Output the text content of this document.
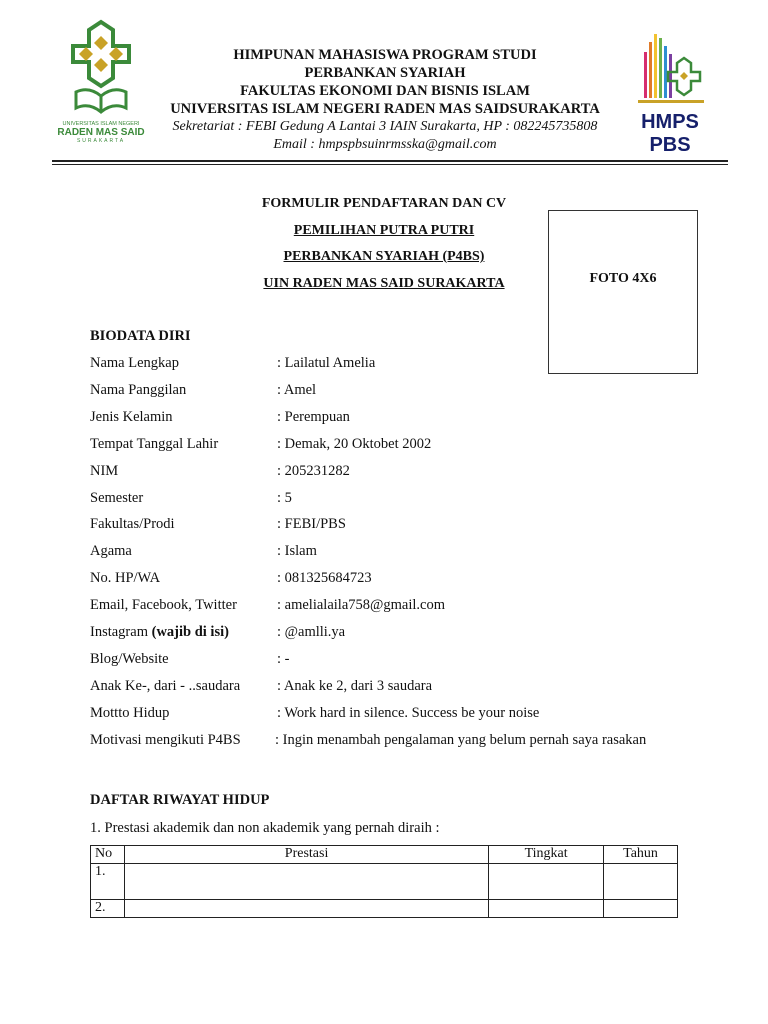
UNIVERSITAS ISLAM NEGERI
RADEN MAS SAID
SURAKARTA
HIMPUNAN MAHASISWA PROGRAM STUDI
PERBANKAN SYARIAH
FAKULTAS EKONOMI DAN BISNIS ISLAM
UNIVERSITAS ISLAM NEGERI RADEN MAS SAIDSURAKARTA
Sekretariat : FEBI Gedung A Lantai 3 IAIN Surakarta, HP : 082245735808
Email : hmpspbsuinrmsska@gmail.com
HMPS PBS
FORMULIR PENDAFTARAN DAN CV
PEMILIHAN PUTRA PUTRI
PERBANKAN SYARIAH (P4BS)
UIN RADEN MAS SAID SURAKARTA	FOTO 4X6
BIODATA DIRI
Nama Lengkap	: Lailatul Amelia
Nama Panggilan	: Amel
Jenis Kelamin	: Perempuan
Tempat Tanggal Lahir	: Demak, 20 Oktobet 2002
NIM	: 205231282
Semester	: 5
Fakultas/Prodi	: FEBI/PBS
Agama	: Islam
No. HP/WA	: 081325684723
Email, Facebook, Twitter	: amelialaila758@gmail.com
Instagram (wajib di isi)	: @amlli.ya
Blog/Website	: -
Anak Ke-, dari - ..saudara	: Anak ke 2, dari 3 saudara
Mottto Hidup	: Work hard in silence. Success be your noise
Motivasi mengikuti P4BS : Ingin menambah pengalaman yang belum pernah saya rasakan
DAFTAR RIWAYAT HIDUP
1. Prestasi akademik dan non akademik yang pernah diraih :
No	Prestasi	Tingkat	Tahun
1.			
2.			
